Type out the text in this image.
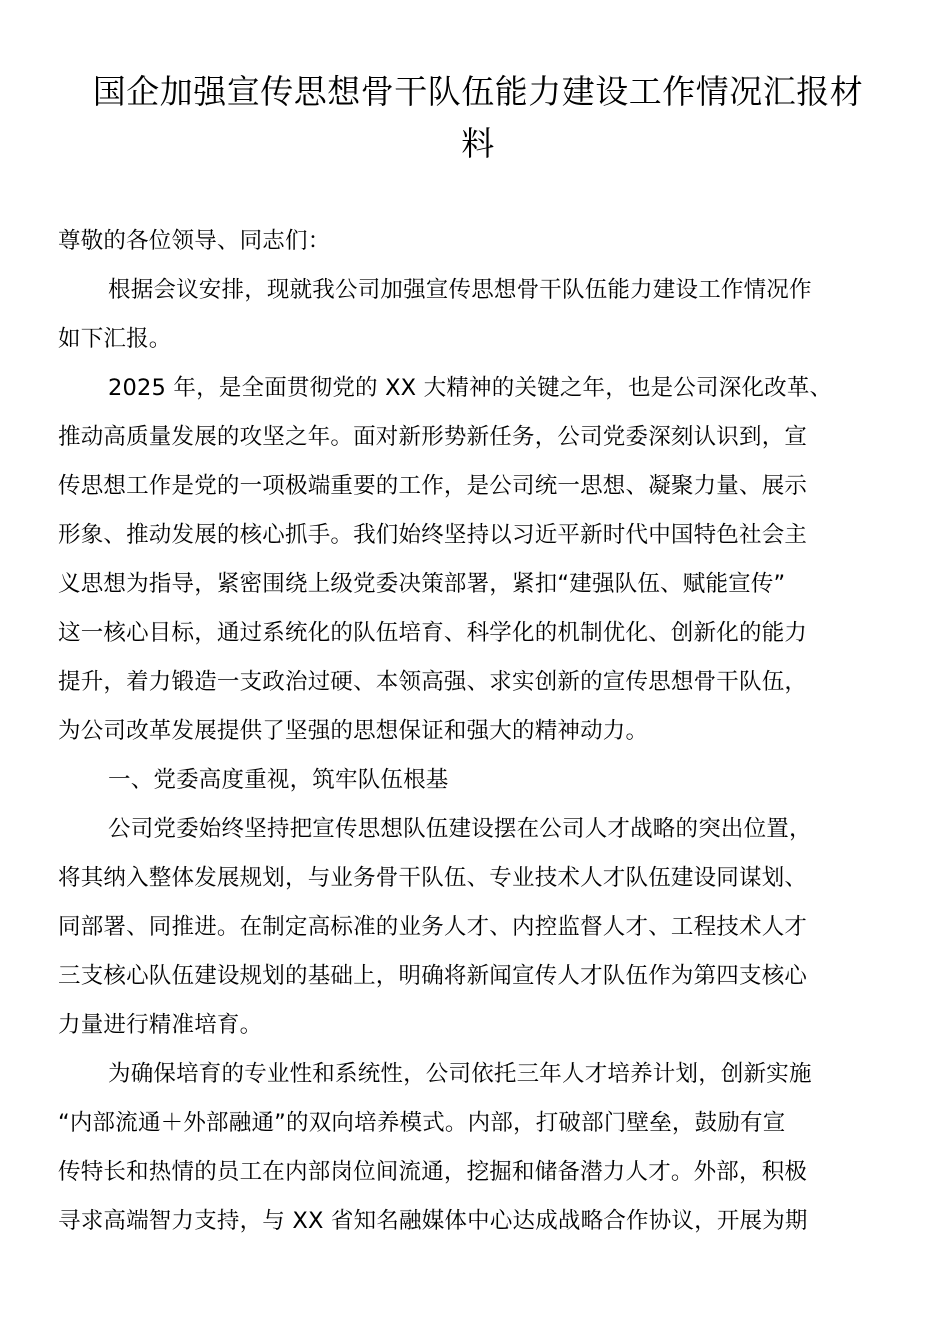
国企加强宣传思想骨干队伍能力建设工作情况汇报材
料
尊敬的各位领导、同志们：
根据会议安排，现就我公司加强宣传思想骨干队伍能力建设工作情况作
如下汇报。
2025 年，是全面贯彻党的 XX 大精神的关键之年，也是公司深化改革、
推动高质量发展的攻坚之年。面对新形势新任务，公司党委深刻认识到，宣
传思想工作是党的一项极端重要的工作，是公司统一思想、凝聚力量、展示
形象、推动发展的核心抓手。我们始终坚持以习近平新时代中国特色社会主
义思想为指导，紧密围绕上级党委决策部署，紧扣“建强队伍、赋能宣传”
这一核心目标，通过系统化的队伍培育、科学化的机制优化、创新化的能力
提升，着力锻造一支政治过硬、本领高强、求实创新的宣传思想骨干队伍，
为公司改革发展提供了坚强的思想保证和强大的精神动力。
一、党委高度重视，筑牢队伍根基
公司党委始终坚持把宣传思想队伍建设摆在公司人才战略的突出位置，
将其纳入整体发展规划，与业务骨干队伍、专业技术人才队伍建设同谋划、
同部署、同推进。在制定高标准的业务人才、内控监督人才、工程技术人才
三支核心队伍建设规划的基础上，明确将新闻宣传人才队伍作为第四支核心
力量进行精准培育。
为确保培育的专业性和系统性，公司依托三年人才培养计划，创新实施
“内部流通＋外部融通”的双向培养模式。内部，打破部门壁垒，鼓励有宣
传特长和热情的员工在内部岗位间流通，挖掘和储备潜力人才。外部，积极
寻求高端智力支持，与 XX 省知名融媒体中心达成战略合作协议，开展为期
